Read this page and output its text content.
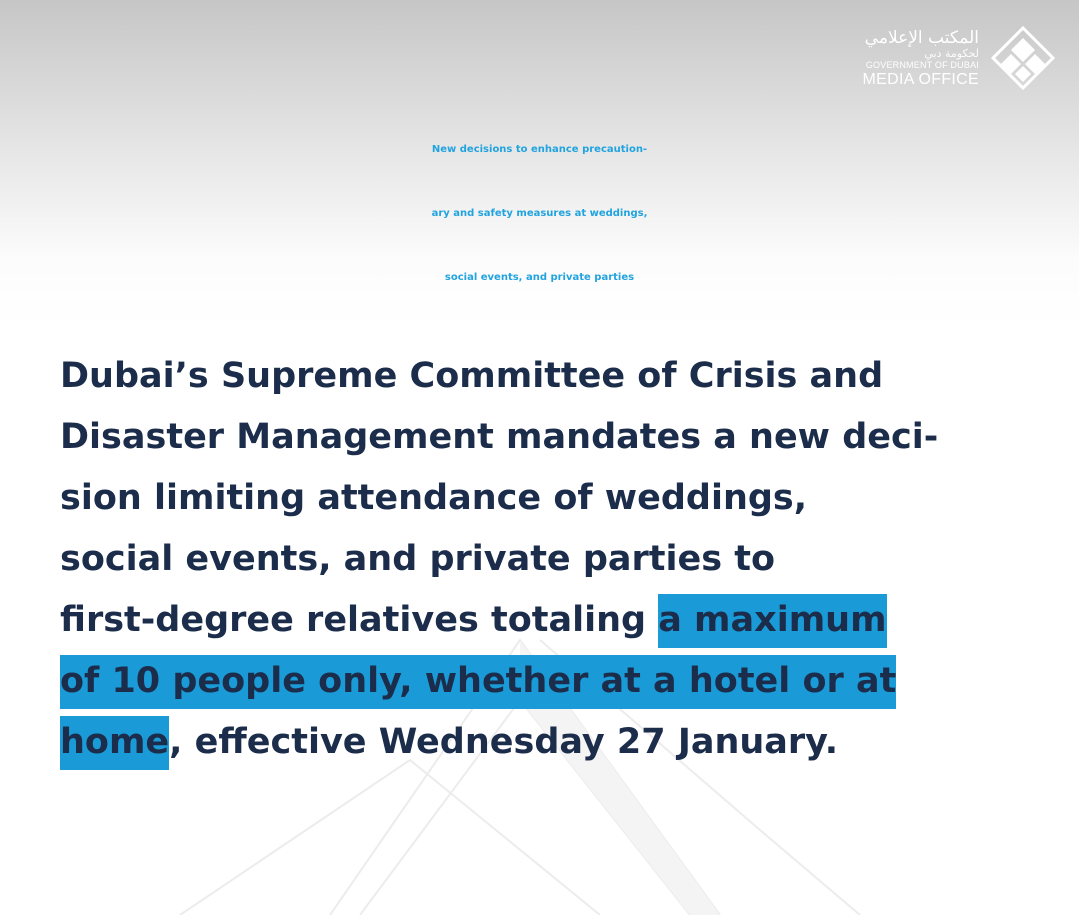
المكتب الإعلامي
لحكومة دبي
GOVERNMENT OF DUBAI
MEDIA OFFICE
New decisions to enhance precaution-
ary and safety measures at weddings,
social events, and private parties
Dubai’s Supreme Committee of Crisis and
Disaster Management mandates a new deci-
sion limiting attendance of weddings,
social events, and private parties to
first-degree relatives totaling a maximum
of 10 people only, whether at a hotel or at
home, effective Wednesday 27 January.
